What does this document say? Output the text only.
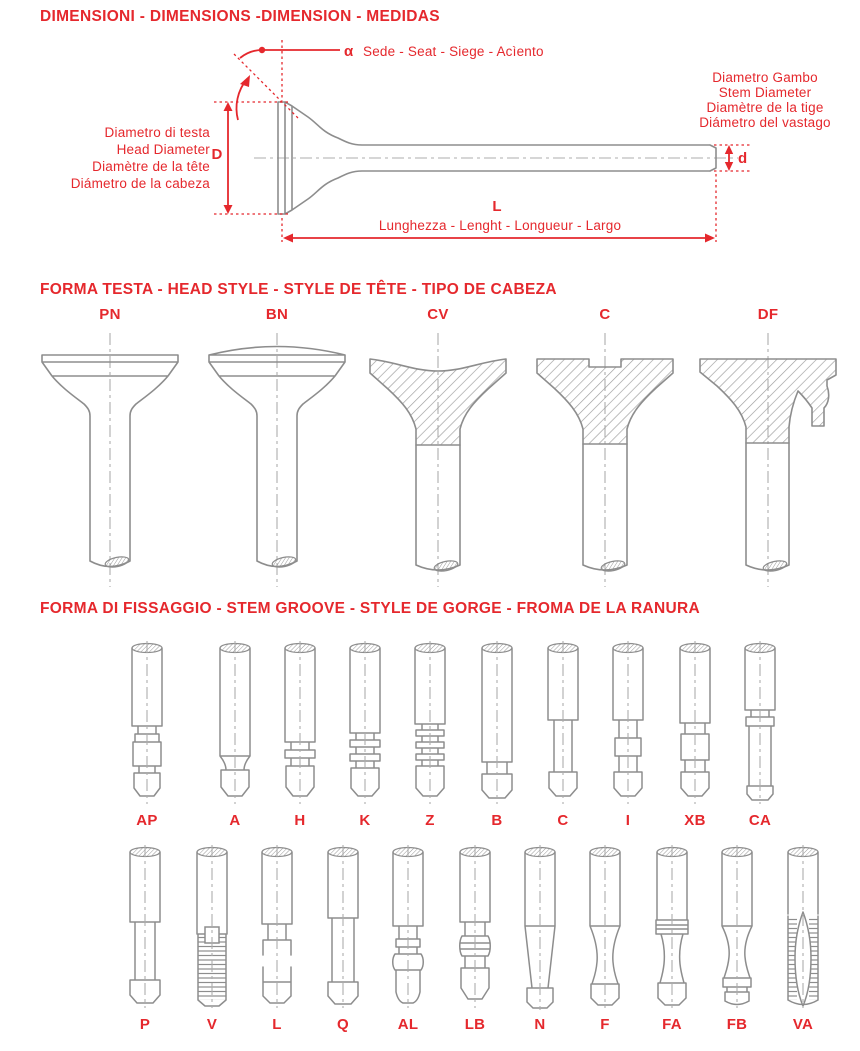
DIMENSIONI - DIMENSIONS -DIMENSION - MEDIDAS
α Sede - Seat - Siege - Acìento
Diametro di testa
Head Diameter
Diamètre de la tête
Diámetro de la cabeza
D
Diametro Gambo
Stem Diameter
Diamètre de la tige
Diámetro del vastago
d
L
Lunghezza - Lenght - Longueur - Largo
FORMA TESTA - HEAD STYLE - STYLE DE TÊTE - TIPO DE CABEZA
PN	BN	CV	C	DF
FORMA DI FISSAGGIO - STEM GROOVE - STYLE DE GORGE - FROMA DE LA RANURA
AP	A	H	K	Z	B	C	I	XB	CA
P	V	L	Q	AL	LB	N	F	FA	FB	VA
